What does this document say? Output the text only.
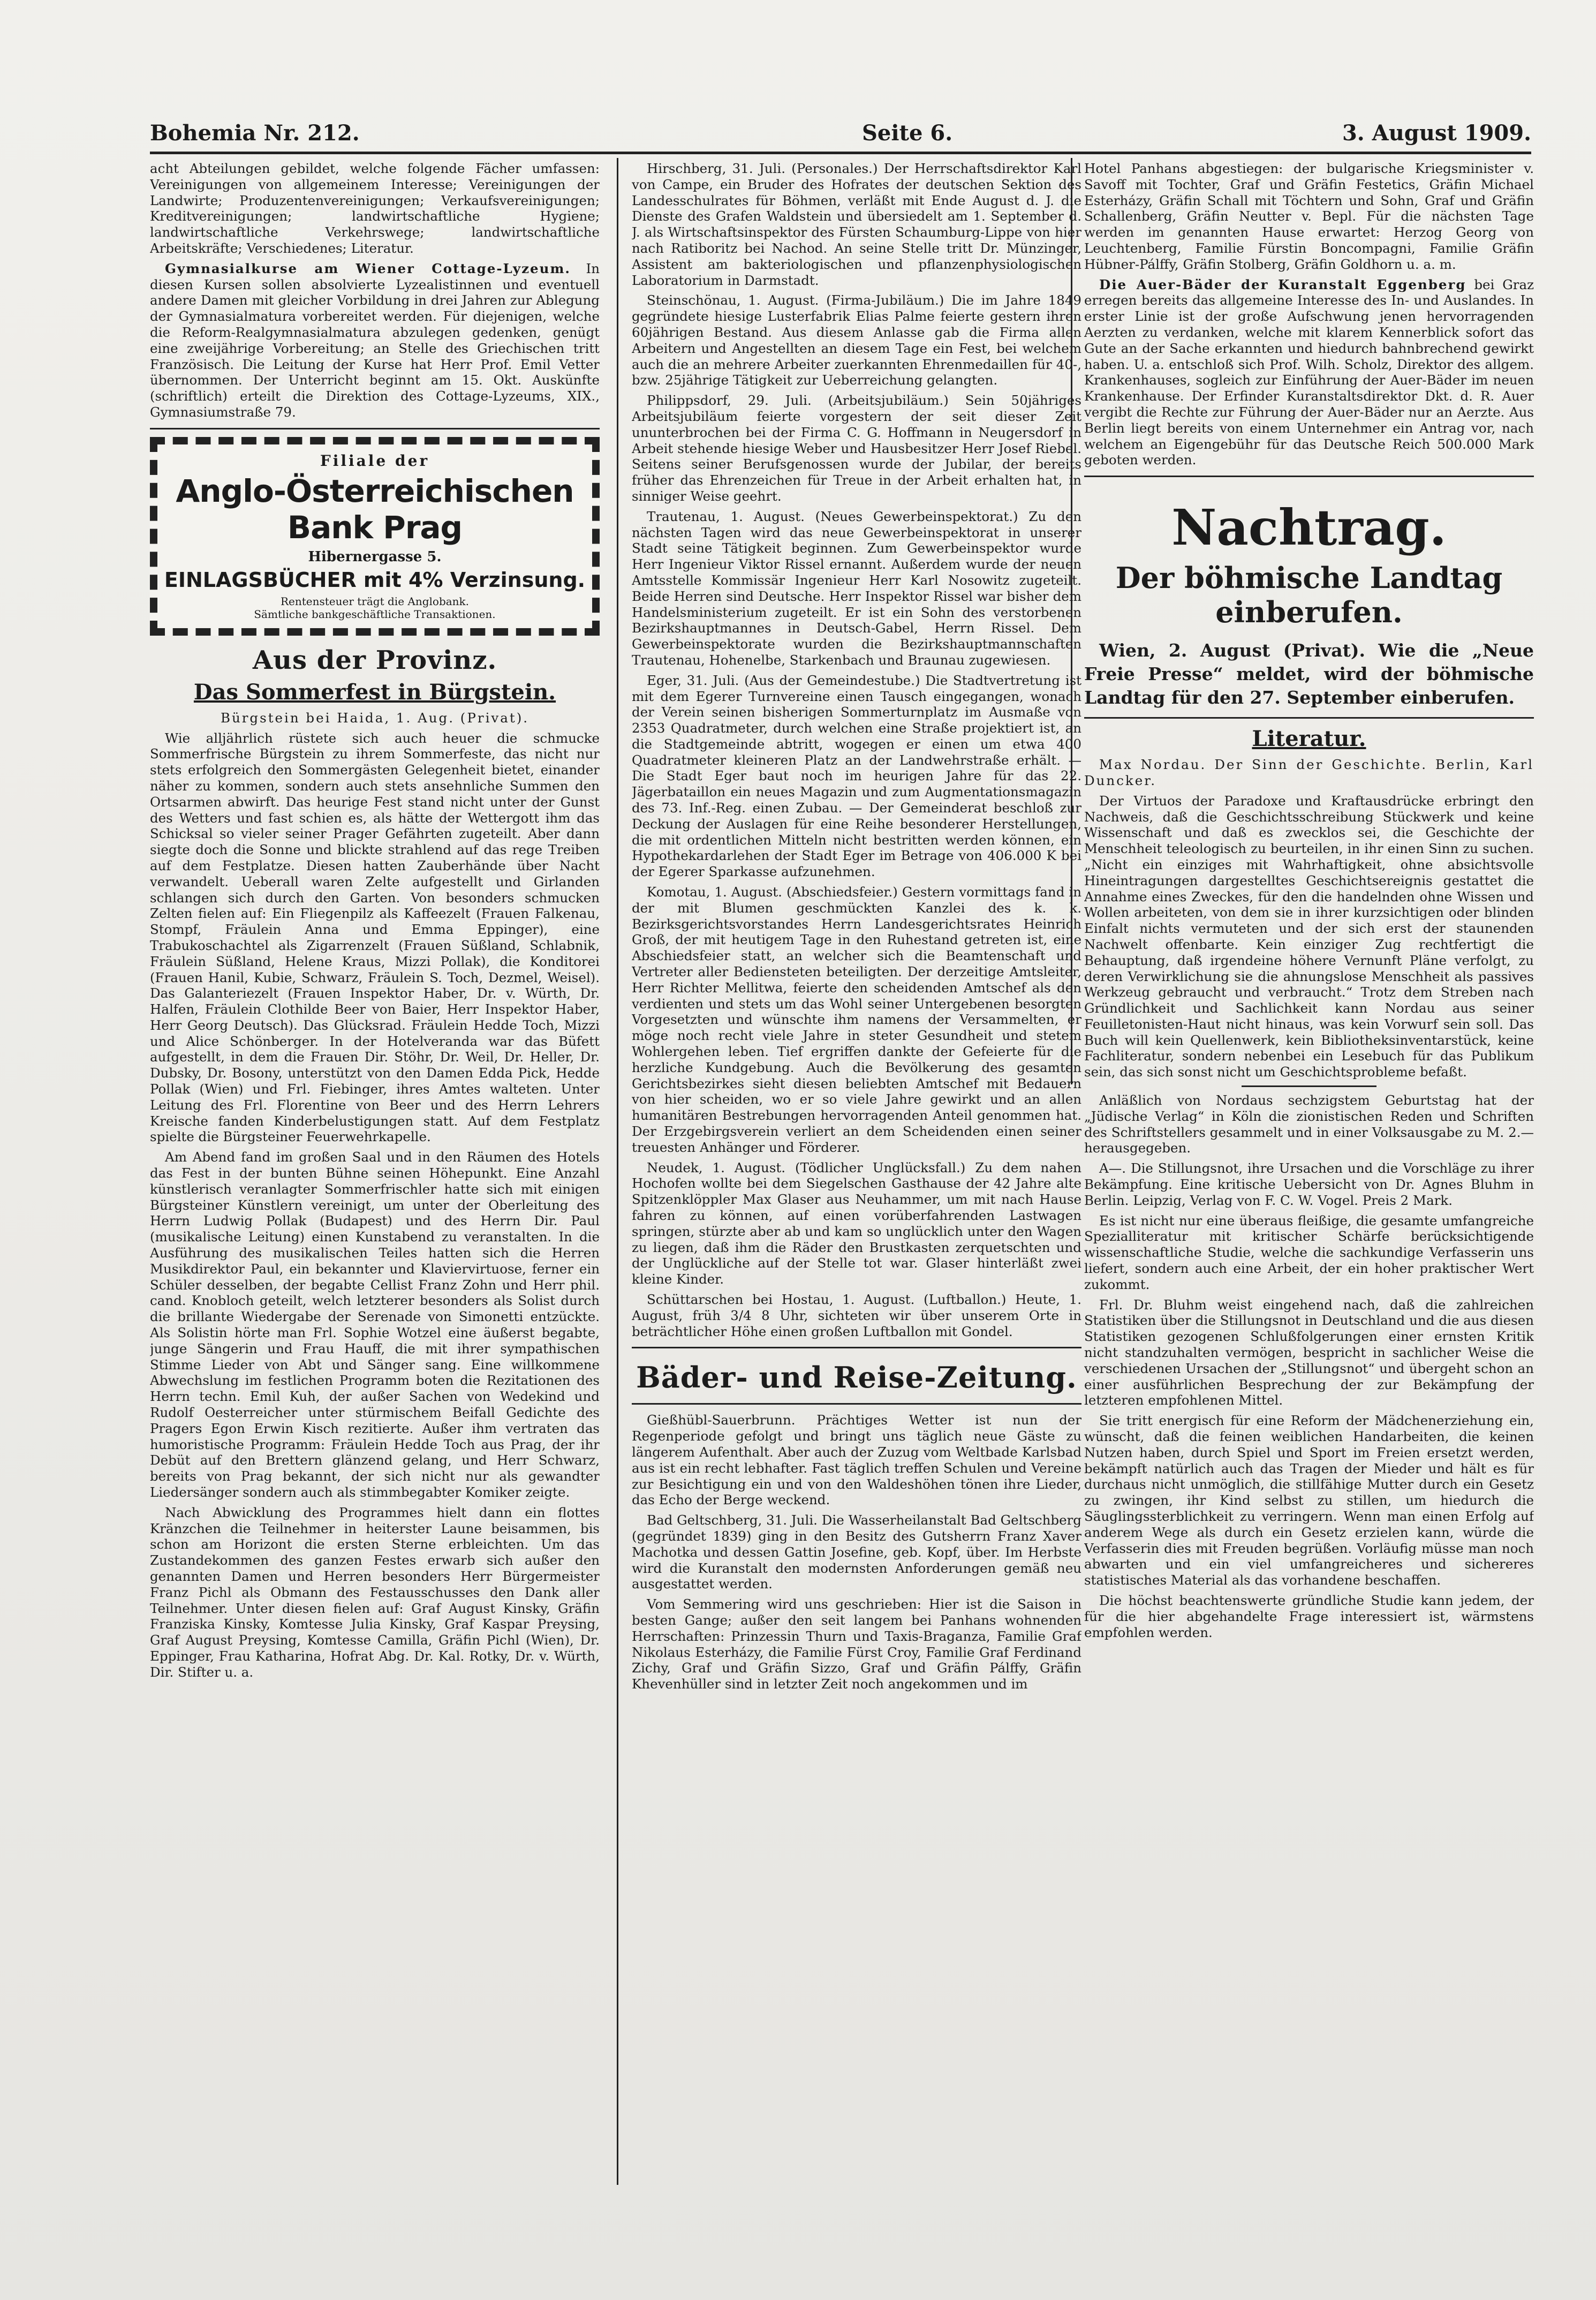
Bohemia Nr. 212.	Seite 6.	3. August 1909.

acht Abteilungen gebildet, welche folgende Fächer umfassen: Vereinigungen von allgemeinem Interesse; Vereinigungen der Landwirte; Produzentenvereinigungen; Verkaufsvereinigungen; Kreditvereinigungen; landwirtschaftliche Hygiene; landwirtschaftliche Verkehrswege; landwirtschaftliche Arbeitskräfte; Verschiedenes; Literatur.

Gymnasialkurse am Wiener Cottage-Lyzeum. In diesen Kursen sollen absolvierte Lyzealistinnen und eventuell andere Damen mit gleicher Vorbildung in drei Jahren zur Ablegung der Gymnasialmatura vorbereitet werden. Für diejenigen, welche die Reform-Realgymnasialmatura abzulegen gedenken, genügt eine zweijährige Vorbereitung; an Stelle des Griechischen tritt Französisch. Die Leitung der Kurse hat Herr Prof. Emil Vetter übernommen. Der Unterricht beginnt am 15. Okt. Auskünfte (schriftlich) erteilt die Direktion des Cottage-Lyzeums, XIX., Gymnasiumstraße 79.

Filiale der
Anglo-Österreichischen Bank Prag
Hibernergasse 5.
EINLAGSBÜCHER mit 4% Verzinsung.
Rentensteuer trägt die Anglobank.
Sämtliche bankgeschäftliche Transaktionen.
Aus der Provinz.
Das Sommerfest in Bürgstein.

Bürgstein bei Haida, 1. Aug. (Privat).

Wie alljährlich rüstete sich auch heuer die schmucke Sommerfrische Bürgstein zu ihrem Sommerfeste, das nicht nur stets erfolgreich den Sommergästen Gelegenheit bietet, einander näher zu kommen, sondern auch stets ansehnliche Summen den Ortsarmen abwirft. Das heurige Fest stand nicht unter der Gunst des Wetters und fast schien es, als hätte der Wettergott ihm das Schicksal so vieler seiner Prager Gefährten zugeteilt. Aber dann siegte doch die Sonne und blickte strahlend auf das rege Treiben auf dem Festplatze. Diesen hatten Zauberhände über Nacht verwandelt. Ueberall waren Zelte aufgestellt und Girlanden schlangen sich durch den Garten. Von besonders schmucken Zelten fielen auf: Ein Fliegenpilz als Kaffeezelt (Frauen Falkenau, Stompf, Fräulein Anna und Emma Eppinger), eine Trabukoschachtel als Zigarrenzelt (Frauen Süßland, Schlabnik, Fräulein Süßland, Helene Kraus, Mizzi Pollak), die Konditorei (Frauen Hanil, Kubie, Schwarz, Fräulein S. Toch, Dezmel, Weisel). Das Galanteriezelt (Frauen Inspektor Haber, Dr. v. Würth, Dr. Halfen, Fräulein Clothilde Beer von Baier, Herr Inspektor Haber, Herr Georg Deutsch). Das Glücksrad. Fräulein Hedde Toch, Mizzi und Alice Schönberger. In der Hotelveranda war das Büfett aufgestellt, in dem die Frauen Dir. Stöhr, Dr. Weil, Dr. Heller, Dr. Dubsky, Dr. Bosony, unterstützt von den Damen Edda Pick, Hedde Pollak (Wien) und Frl. Fiebinger, ihres Amtes walteten. Unter Leitung des Frl. Florentine von Beer und des Herrn Lehrers Kreische fanden Kinderbelustigungen statt. Auf dem Festplatz spielte die Bürgsteiner Feuerwehrkapelle.

Am Abend fand im großen Saal und in den Räumen des Hotels das Fest in der bunten Bühne seinen Höhepunkt. Eine Anzahl künstlerisch veranlagter Sommerfrischler hatte sich mit einigen Bürgsteiner Künstlern vereinigt, um unter der Oberleitung des Herrn Ludwig Pollak (Budapest) und des Herrn Dir. Paul (musikalische Leitung) einen Kunstabend zu veranstalten. In die Ausführung des musikalischen Teiles hatten sich die Herren Musikdirektor Paul, ein bekannter und Klaviervirtuose, ferner ein Schüler desselben, der begabte Cellist Franz Zohn und Herr phil. cand. Knobloch geteilt, welch letzterer besonders als Solist durch die brillante Wiedergabe der Serenade von Simonetti entzückte. Als Solistin hörte man Frl. Sophie Wotzel eine äußerst begabte, junge Sängerin und Frau Hauff, die mit ihrer sympathischen Stimme Lieder von Abt und Sänger sang. Eine willkommene Abwechslung im festlichen Programm boten die Rezitationen des Herrn techn. Emil Kuh, der außer Sachen von Wedekind und Rudolf Oesterreicher unter stürmischem Beifall Gedichte des Pragers Egon Erwin Kisch rezitierte. Außer ihm vertraten das humoristische Programm: Fräulein Hedde Toch aus Prag, der ihr Debüt auf den Brettern glänzend gelang, und Herr Schwarz, bereits von Prag bekannt, der sich nicht nur als gewandter Liedersänger sondern auch als stimmbegabter Komiker zeigte.

Nach Abwicklung des Programmes hielt dann ein flottes Kränzchen die Teilnehmer in heiterster Laune beisammen, bis schon am Horizont die ersten Sterne erbleichten. Um das Zustandekommen des ganzen Festes erwarb sich außer den genannten Damen und Herren besonders Herr Bürgermeister Franz Pichl als Obmann des Festausschusses den Dank aller Teilnehmer. Unter diesen fielen auf: Graf August Kinsky, Gräfin Franziska Kinsky, Komtesse Julia Kinsky, Graf Kaspar Preysing, Graf August Preysing, Komtesse Camilla, Gräfin Pichl (Wien), Dr. Eppinger, Frau Katharina, Hofrat Abg. Dr. Kal. Rotky, Dr. v. Würth, Dir. Stifter u. a.

Hirschberg, 31. Juli. (Personales.) Der Herrschaftsdirektor Karl von Campe, ein Bruder des Hofrates der deutschen Sektion des Landesschulrates für Böhmen, verläßt mit Ende August d. J. die Dienste des Grafen Waldstein und übersiedelt am 1. September d. J. als Wirtschaftsinspektor des Fürsten Schaumburg-Lippe von hier nach Ratiboritz bei Nachod. An seine Stelle tritt Dr. Münzinger, Assistent am bakteriologischen und pflanzenphysiologischen Laboratorium in Darmstadt.

Steinschönau, 1. August. (Firma-Jubiläum.) Die im Jahre 1849 gegründete hiesige Lusterfabrik Elias Palme feierte gestern ihren 60jährigen Bestand. Aus diesem Anlasse gab die Firma allen Arbeitern und Angestellten an diesem Tage ein Fest, bei welchem auch die an mehrere Arbeiter zuerkannten Ehrenmedaillen für 40-, bzw. 25jährige Tätigkeit zur Ueberreichung gelangten.

Philippsdorf, 29. Juli. (Arbeitsjubiläum.) Sein 50jähriges Arbeitsjubiläum feierte vorgestern der seit dieser Zeit ununterbrochen bei der Firma C. G. Hoffmann in Neugersdorf in Arbeit stehende hiesige Weber und Hausbesitzer Herr Josef Riebel. Seitens seiner Berufsgenossen wurde der Jubilar, der bereits früher das Ehrenzeichen für Treue in der Arbeit erhalten hat, in sinniger Weise geehrt.

Trautenau, 1. August. (Neues Gewerbeinspektorat.) Zu den nächsten Tagen wird das neue Gewerbeinspektorat in unserer Stadt seine Tätigkeit beginnen. Zum Gewerbeinspektor wurde Herr Ingenieur Viktor Rissel ernannt. Außerdem wurde der neuen Amtsstelle Kommissär Ingenieur Herr Karl Nosowitz zugeteilt. Beide Herren sind Deutsche. Herr Inspektor Rissel war bisher dem Handelsministerium zugeteilt. Er ist ein Sohn des verstorbenen Bezirkshauptmannes in Deutsch-Gabel, Herrn Rissel. Dem Gewerbeinspektorate wurden die Bezirkshauptmannschaften Trautenau, Hohenelbe, Starkenbach und Braunau zugewiesen.

Eger, 31. Juli. (Aus der Gemeindestube.) Die Stadtvertretung ist mit dem Egerer Turnvereine einen Tausch eingegangen, wonach der Verein seinen bisherigen Sommerturnplatz im Ausmaße von 2353 Quadratmeter, durch welchen eine Straße projektiert ist, an die Stadtgemeinde abtritt, wogegen er einen um etwa 400 Quadratmeter kleineren Platz an der Landwehrstraße erhält. — Die Stadt Eger baut noch im heurigen Jahre für das 22. Jägerbataillon ein neues Magazin und zum Augmentationsmagazin des 73. Inf.-Reg. einen Zubau. — Der Gemeinderat beschloß zur Deckung der Auslagen für eine Reihe besonderer Herstellungen, die mit ordentlichen Mitteln nicht bestritten werden können, ein Hypothekardarlehen der Stadt Eger im Betrage von 406.000 K bei der Egerer Sparkasse aufzunehmen.

Komotau, 1. August. (Abschiedsfeier.) Gestern vormittags fand in der mit Blumen geschmückten Kanzlei des k. k. Bezirksgerichtsvorstandes Herrn Landesgerichtsrates Heinrich Groß, der mit heutigem Tage in den Ruhestand getreten ist, eine Abschiedsfeier statt, an welcher sich die Beamtenschaft und Vertreter aller Bediensteten beteiligten. Der derzeitige Amtsleiter, Herr Richter Mellitwa, feierte den scheidenden Amtschef als den verdienten und stets um das Wohl seiner Untergebenen besorgten Vorgesetzten und wünschte ihm namens der Versammelten, er möge noch recht viele Jahre in steter Gesundheit und stetem Wohlergehen leben. Tief ergriffen dankte der Gefeierte für die herzliche Kundgebung. Auch die Bevölkerung des gesamten Gerichtsbezirkes sieht diesen beliebten Amtschef mit Bedauern von hier scheiden, wo er so viele Jahre gewirkt und an allen humanitären Bestrebungen hervorragenden Anteil genommen hat. Der Erzgebirgsverein verliert an dem Scheidenden einen seiner treuesten Anhänger und Förderer.

Neudek, 1. August. (Tödlicher Unglücksfall.) Zu dem nahen Hochofen wollte bei dem Siegelschen Gasthause der 42 Jahre alte Spitzenklöppler Max Glaser aus Neuhammer, um mit nach Hause fahren zu können, auf einen vorüberfahrenden Lastwagen springen, stürzte aber ab und kam so unglücklich unter den Wagen zu liegen, daß ihm die Räder den Brustkasten zerquetschten und der Unglückliche auf der Stelle tot war. Glaser hinterläßt zwei kleine Kinder.

Schüttarschen bei Hostau, 1. August. (Luftballon.) Heute, 1. August, früh 3/4 8 Uhr, sichteten wir über unserem Orte in beträchtlicher Höhe einen großen Luftballon mit Gondel.

Bäder- und Reise-Zeitung.

Gießhübl-Sauerbrunn. Prächtiges Wetter ist nun der Regenperiode gefolgt und bringt uns täglich neue Gäste zu längerem Aufenthalt. Aber auch der Zuzug vom Weltbade Karlsbad aus ist ein recht lebhafter. Fast täglich treffen Schulen und Vereine zur Besichtigung ein und von den Waldeshöhen tönen ihre Lieder, das Echo der Berge weckend.

Bad Geltschberg, 31. Juli. Die Wasserheilanstalt Bad Geltschberg (gegründet 1839) ging in den Besitz des Gutsherrn Franz Xaver Machotka und dessen Gattin Josefine, geb. Kopf, über. Im Herbste wird die Kuranstalt den modernsten Anforderungen gemäß neu ausgestattet werden.

Vom Semmering wird uns geschrieben: Hier ist die Saison in besten Gange; außer den seit langem bei Panhans wohnenden Herrschaften: Prinzessin Thurn und Taxis-Braganza, Familie Graf Nikolaus Esterházy, die Familie Fürst Croy, Familie Graf Ferdinand Zichy, Graf und Gräfin Sizzo, Graf und Gräfin Pálffy, Gräfin Khevenhüller sind in letzter Zeit noch angekommen und im

Hotel Panhans abgestiegen: der bulgarische Kriegsminister v. Savoff mit Tochter, Graf und Gräfin Festetics, Gräfin Michael Esterházy, Gräfin Schall mit Töchtern und Sohn, Graf und Gräfin Schallenberg, Gräfin Neutter v. Bepl. Für die nächsten Tage werden im genannten Hause erwartet: Herzog Georg von Leuchtenberg, Familie Fürstin Boncompagni, Familie Gräfin Hübner-Pálffy, Gräfin Stolberg, Gräfin Goldhorn u. a. m.

Die Auer-Bäder der Kuranstalt Eggenberg bei Graz erregen bereits das allgemeine Interesse des In- und Auslandes. In erster Linie ist der große Aufschwung jenen hervorragenden Aerzten zu verdanken, welche mit klarem Kennerblick sofort das Gute an der Sache erkannten und hiedurch bahnbrechend gewirkt haben. U. a. entschloß sich Prof. Wilh. Scholz, Direktor des allgem. Krankenhauses, sogleich zur Einführung der Auer-Bäder im neuen Krankenhause. Der Erfinder Kuranstaltsdirektor Dkt. d. R. Auer vergibt die Rechte zur Führung der Auer-Bäder nur an Aerzte. Aus Berlin liegt bereits von einem Unternehmer ein Antrag vor, nach welchem an Eigengebühr für das Deutsche Reich 500.000 Mark geboten werden.

Nachtrag.
Der böhmische Landtag
einberufen.

Wien, 2. August (Privat). Wie die „Neue Freie Presse“ meldet, wird der böhmische Landtag für den 27. September einberufen.

Literatur.

Max Nordau. Der Sinn der Geschichte. Berlin, Karl Duncker.

Der Virtuos der Paradoxe und Kraftausdrücke erbringt den Nachweis, daß die Geschichtsschreibung Stückwerk und keine Wissenschaft und daß es zwecklos sei, die Geschichte der Menschheit teleologisch zu beurteilen, in ihr einen Sinn zu suchen. „Nicht ein einziges mit Wahrhaftigkeit, ohne absichtsvolle Hineintragungen dargestelltes Geschichtsereignis gestattet die Annahme eines Zweckes, für den die handelnden ohne Wissen und Wollen arbeiteten, von dem sie in ihrer kurzsichtigen oder blinden Einfalt nichts vermuteten und der sich erst der staunenden Nachwelt offenbarte. Kein einziger Zug rechtfertigt die Behauptung, daß irgendeine höhere Vernunft Pläne verfolgt, zu deren Verwirklichung sie die ahnungslose Menschheit als passives Werkzeug gebraucht und verbraucht.“ Trotz dem Streben nach Gründlichkeit und Sachlichkeit kann Nordau aus seiner Feuilletonisten-Haut nicht hinaus, was kein Vorwurf sein soll. Das Buch will kein Quellenwerk, kein Bibliotheksinventarstück, keine Fachliteratur, sondern nebenbei ein Lesebuch für das Publikum sein, das sich sonst nicht um Geschichtsprobleme befaßt.

Anläßlich von Nordaus sechzigstem Geburtstag hat der „Jüdische Verlag“ in Köln die zionistischen Reden und Schriften des Schriftstellers gesammelt und in einer Volksausgabe zu M. 2.— herausgegeben.

A—. Die Stillungsnot, ihre Ursachen und die Vorschläge zu ihrer Bekämpfung. Eine kritische Uebersicht von Dr. Agnes Bluhm in Berlin. Leipzig, Verlag von F. C. W. Vogel. Preis 2 Mark.

Es ist nicht nur eine überaus fleißige, die gesamte umfangreiche Spezialliteratur mit kritischer Schärfe berücksichtigende wissenschaftliche Studie, welche die sachkundige Verfasserin uns liefert, sondern auch eine Arbeit, der ein hoher praktischer Wert zukommt.

Frl. Dr. Bluhm weist eingehend nach, daß die zahlreichen Statistiken über die Stillungsnot in Deutschland und die aus diesen Statistiken gezogenen Schlußfolgerungen einer ernsten Kritik nicht standzuhalten vermögen, bespricht in sachlicher Weise die verschiedenen Ursachen der „Stillungsnot“ und übergeht schon an einer ausführlichen Besprechung der zur Bekämpfung der letzteren empfohlenen Mittel.

Sie tritt energisch für eine Reform der Mädchenerziehung ein, wünscht, daß die feinen weiblichen Handarbeiten, die keinen Nutzen haben, durch Spiel und Sport im Freien ersetzt werden, bekämpft natürlich auch das Tragen der Mieder und hält es für durchaus nicht unmöglich, die stillfähige Mutter durch ein Gesetz zu zwingen, ihr Kind selbst zu stillen, um hiedurch die Säuglingssterblichkeit zu verringern. Wenn man einen Erfolg auf anderem Wege als durch ein Gesetz erzielen kann, würde die Verfasserin dies mit Freuden begrüßen. Vorläufig müsse man noch abwarten und ein viel umfangreicheres und sichereres statistisches Material als das vorhandene beschaffen.

Die höchst beachtenswerte gründliche Studie kann jedem, der für die hier abgehandelte Frage interessiert ist, wärmstens empfohlen werden.
